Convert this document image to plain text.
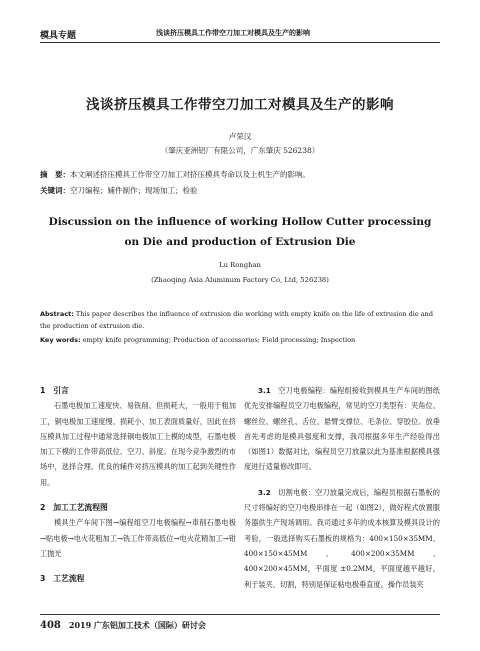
模具专题	浅谈挤压模具工作带空刀加工对模具及生产的影响
浅谈挤压模具工作带空刀加工对模具及生产的影响
卢荣汉
（肇庆亚洲铝厂有限公司，广东肇庆 526238）
摘　要：本文阐述挤压模具工作带空刀加工对挤压模具寿命以及上机生产的影响。
关键词：空刀编程；辅件制作；现场加工；检验
Discussion on the influence of working Hollow Cutter processing
on Die and production of Extrusion Die
Lu Ronghan
(Zhaoqing Asia Aluminum Factory Co, Ltd, 526238)
Abstract: This paper describes the influence of extrusion die working with empty knife on the life of extrusion die and the production of extrusion die.
Key words: empty knife programming; Production of accessories; Field processing; Inspection

1　引言

石墨电极加工速度快、易铣削、但损耗大，一般用于粗加工，铜电极加工速度慢、损耗小、加工表面质量好，因此在挤压模具加工过程中通常选择铜电极加工上模的成型，石墨电极加工下模的工作带高低位、空刀、斜度。在现今竞争激烈的市场中，选择合理、优良的辅件对挤压模具的加工起到关键性作用。

2　加工工艺流程图

模具生产车间下图→编程组空刀电极编程→車削石墨电极→贴电极→电火花粗加工→铣工作带高低位→电火花精加工→钳工抛光

3　工艺流程

3.1　 空刀电极编程：编程组接收到模具生产车间的图纸优先安排编程员空刀电极编程，常见的空刀类型有：夹角位、螺丝位、螺丝孔、舌位、悬臂支撑位、毛条位、穿胶位。放垂首先考虑的是模具强度和支撑，我司根据多年生产经验得出（如图1）数据对比，编程员空刀放量以此为基准根据模具强度进行适量修改即可。

3.2　 切割电极：空刀放量完成后，编程员根据石墨板的尺寸将编好的空刀电极串排在一起（如图2），做好程式放置服务器供生产现场调用。我司通过多年的成本核算及模具设计的考验，一般选择购买石墨板的规格为：400×150×35MM、400×150×45MM、400×200×35MM、400×200×45MM，平面度 ±0.2MM，平面度越平越好，利于装夹、切割，特别是保证粘电极垂直度。操作员装夹

408 2019 广东铝加工技术（国际）研讨会
